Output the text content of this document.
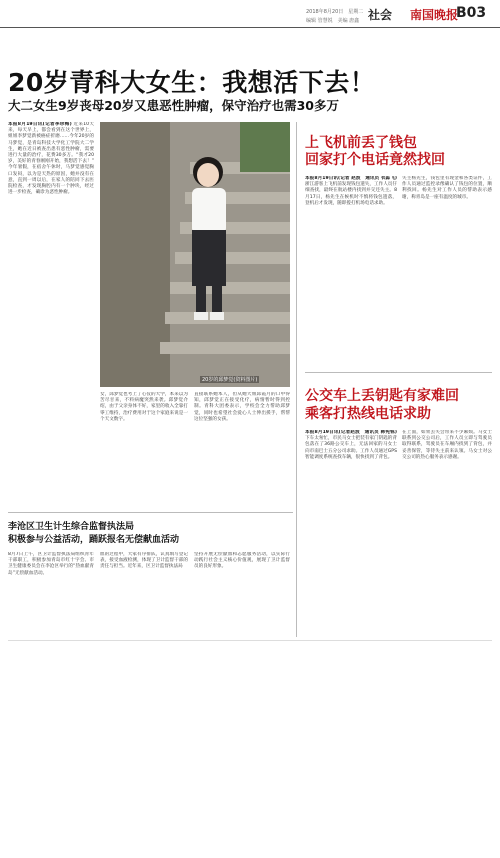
2018年8月20日　星期二
编辑 管慧锐　美编 唐鑫 社会 南国晚报
B03
20岁青科大女生：我想活下去！
大二女生9岁丧母20岁又患恶性肿瘤，保守治疗也需30多万
本报8月19日讯(记者李珍梅) 近来10天来，每天早上，都会看到在这个世界上，姐姐李梦觉新被癌症折磨……今年20岁的马梦觉，是青岛科技大学化工学院大二学生，她在近日被查出患有恶性肿瘤，需要进行大量的治疗，花费30多万。“我才20岁，美好的青春刚刚开始，我想活下去！” 今年暑假，在宿舍午休时，马梦觉感觉胸口发闷，以为是天热的原因，她并没有在意，直到一周以后，在家人的陪同下去医院检查，才发现胸腔内有一个肿块，经过进一步检查，确诊为恶性肿瘤。
20岁的邱梦觉(资料图片)
女，邱梦觉也考上了心仪的大学，本来以为苦尽甘来，不料病魔突然来袭。邱梦觉介绍，由于父亲身体不好，家里的收入全靠打零工维持，治疗费用对于这个家庭来说是一个天文数字。
直接联系她本人，但从她大姐邱霞月的口中得知，邱梦觉正在接受化疗，病情暂时得到控制。青科大团委表示，学校会全力帮助邱梦觉，同时也希望社会爱心人士伸出援手，帮帮这位坚强的女孩。
李沧区卫生计生综合监督执法局
积极参与公益活动，踊跃报名无偿献血活动
8月7日上午，区卫计监督执法局组织青年干部职工，积极参加青岛市红十字会、市卫生健康委员会在李沧区举行的“热血献青岛”无偿献血活动。
血的过程中，大家有序排队，认真填写登记表，接受血液检测，体现了卫计监督干部的责任与担当。近年来，区卫计监督执法局
坚持开展无偿献血和志愿服务活动，以实际行动践行社会主义核心价值观，展现了卫计监督员的良好形象。
上飞机前丢了钱包
回家打个电话竟然找回
本报8月19日讯(记者 赵波　通讯员 衣淼飞) 浙江游客上飞机前发现钱包遗失，工作人员仔细查找，最终在航站楼内找到并交还失主。8月17日，杨先生在候机时不慎将钱包遗落，登机后才发现，随即拨打机场电话求助。
失主杨先生，钱包里有现金和各类证件，工作人员通过监控录像确认了钱包的位置，顺利找回。杨先生对工作人员的帮助表示感谢，称青岛是一座有温度的城市。
公交车上丢钥匙有家难回
乘客打热线电话求助
本报8月19日讯(记者赵波　通讯员 韩宪铄) 下车太匆忙，市民马女士把装有家门钥匙的背包落在了36路公交车上，无法回家的马女士向市南巴士五分公司求助。工作人员通过GPS智能调度系统查找车辆，很快找到了背包。
在上面，如果丢失会带来不少麻烦。马女士联系到公交公司后，工作人员立即与驾驶员取得联系，驾驶员在车厢内找到了背包，并妥善保管，等待失主前来认领。马女士对公交公司的热心服务表示感谢。
